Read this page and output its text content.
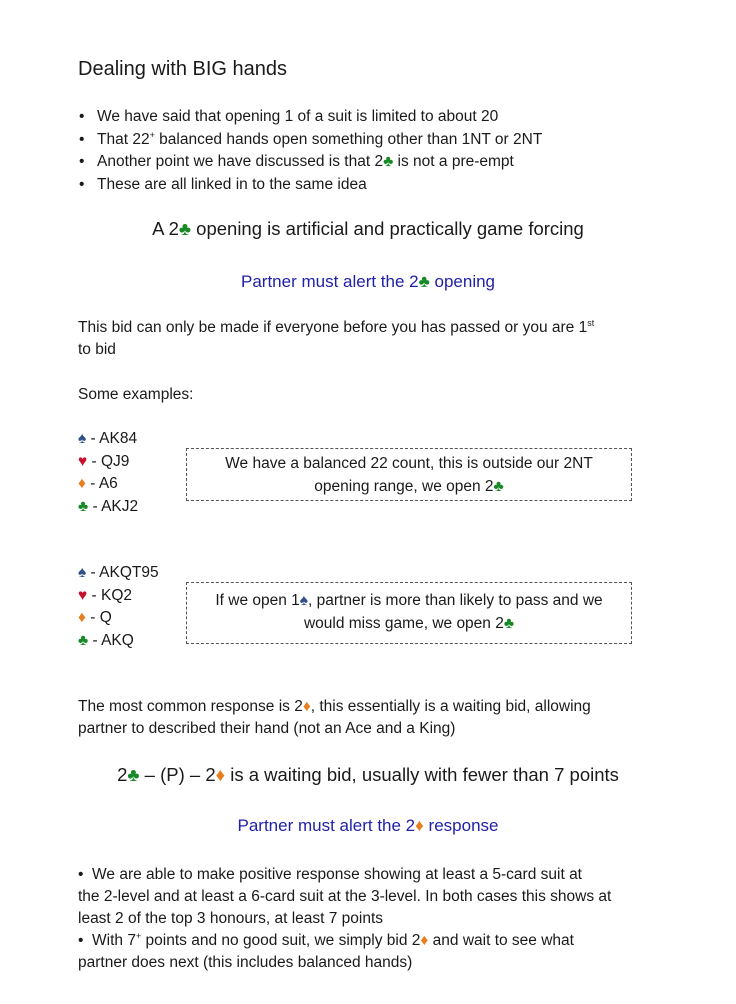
Dealing with BIG hands
• We have said that opening 1 of a suit is limited to about 20
• That 22+ balanced hands open something other than 1NT or 2NT
• Another point we have discussed is that 2♣ is not a pre-empt
• These are all linked in to the same idea
A 2♣ opening is artificial and practically game forcing
Partner must alert the 2♣ opening
This bid can only be made if everyone before you has passed or you are 1st
to bid
Some examples:
♠ - AK84
♥ - QJ9
♦ - A6
♣ - AKJ2
We have a balanced 22 count, this is outside our 2NT
opening range, we open 2♣
♠ - AKQT95
♥ - KQ2
♦ - Q
♣ - AKQ
If we open 1♠, partner is more than likely to pass and we
would miss game, we open 2♣
The most common response is 2♦, this essentially is a waiting bid, allowing
partner to described their hand (not an Ace and a King)
2♣ – (P) – 2♦ is a waiting bid, usually with fewer than 7 points
Partner must alert the 2♦ response
•  We are able to make positive response showing at least a 5-card suit at
the 2-level and at least a 6-card suit at the 3-level. In both cases this shows at
least 2 of the top 3 honours, at least 7 points
•  With 7+ points and no good suit, we simply bid 2♦ and wait to see what
partner does next (this includes balanced hands)
